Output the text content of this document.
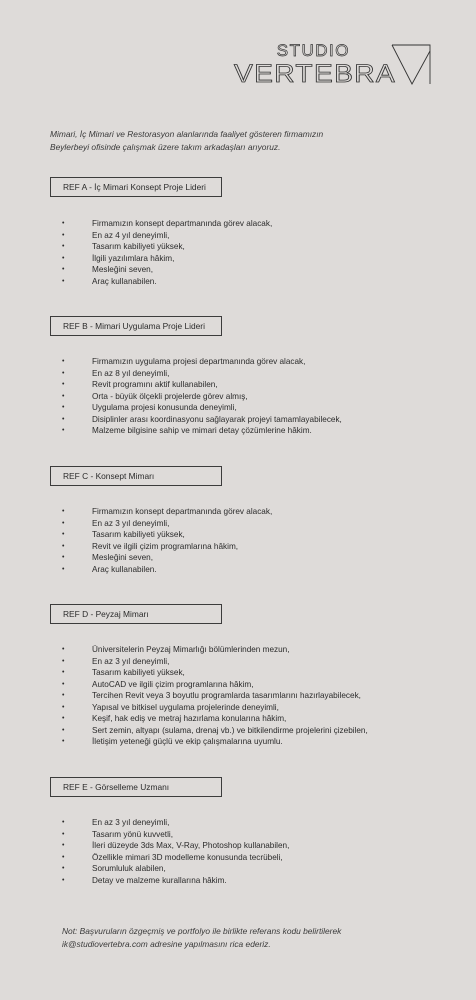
STUDIO
VERTEBRA
Mimari, İç Mimari ve Restorasyon alanlarında faaliyet gösteren firmamızın
Beylerbeyi ofisinde çalışmak üzere takım arkadaşları arıyoruz.
REF A - İç Mimari Konsept Proje Lideri
• Firmamızın konsept departmanında görev alacak,
• En az 4 yıl deneyimli,
• Tasarım kabiliyeti yüksek,
• İlgili yazılımlara hâkim,
• Mesleğini seven,
• Araç kullanabilen.
REF B - Mimari Uygulama Proje Lideri
• Firmamızın uygulama projesi departmanında görev alacak,
• En az 8 yıl deneyimli,
• Revit programını aktif kullanabilen,
• Orta - büyük ölçekli projelerde görev almış,
• Uygulama projesi konusunda deneyimli,
• Disiplinler arası koordinasyonu sağlayarak projeyi tamamlayabilecek,
• Malzeme bilgisine sahip ve mimari detay çözümlerine hâkim.
REF C - Konsept Mimarı
• Firmamızın konsept departmanında görev alacak,
• En az 3 yıl deneyimli,
• Tasarım kabiliyeti yüksek,
• Revit ve ilgili çizim programlarına hâkim,
• Mesleğini seven,
• Araç kullanabilen.
REF D - Peyzaj Mimarı
• Üniversitelerin Peyzaj Mimarlığı bölümlerinden mezun,
• En az 3 yıl deneyimli,
• Tasarım kabiliyeti yüksek,
• AutoCAD ve ilgili çizim programlarına hâkim,
• Tercihen Revit veya 3 boyutlu programlarda tasarımlarını hazırlayabilecek,
• Yapısal ve bitkisel uygulama projelerinde deneyimli,
• Keşif, hak ediş ve metraj hazırlama konularına hâkim,
• Sert zemin, altyapı (sulama, drenaj vb.) ve bitkilendirme projelerini çizebilen,
• İletişim yeteneği güçlü ve ekip çalışmalarına uyumlu.
REF E - Görselleme Uzmanı
• En az 3 yıl deneyimli,
• Tasarım yönü kuvvetli,
• İleri düzeyde 3ds Max, V-Ray, Photoshop kullanabilen,
• Özellikle mimari 3D modelleme konusunda tecrübeli,
• Sorumluluk alabilen,
• Detay ve malzeme kurallarına hâkim.
Not: Başvuruların özgeçmiş ve portfolyo ile birlikte referans kodu belirtilerek
ik@studiovertebra.com adresine yapılmasını rica ederiz.
